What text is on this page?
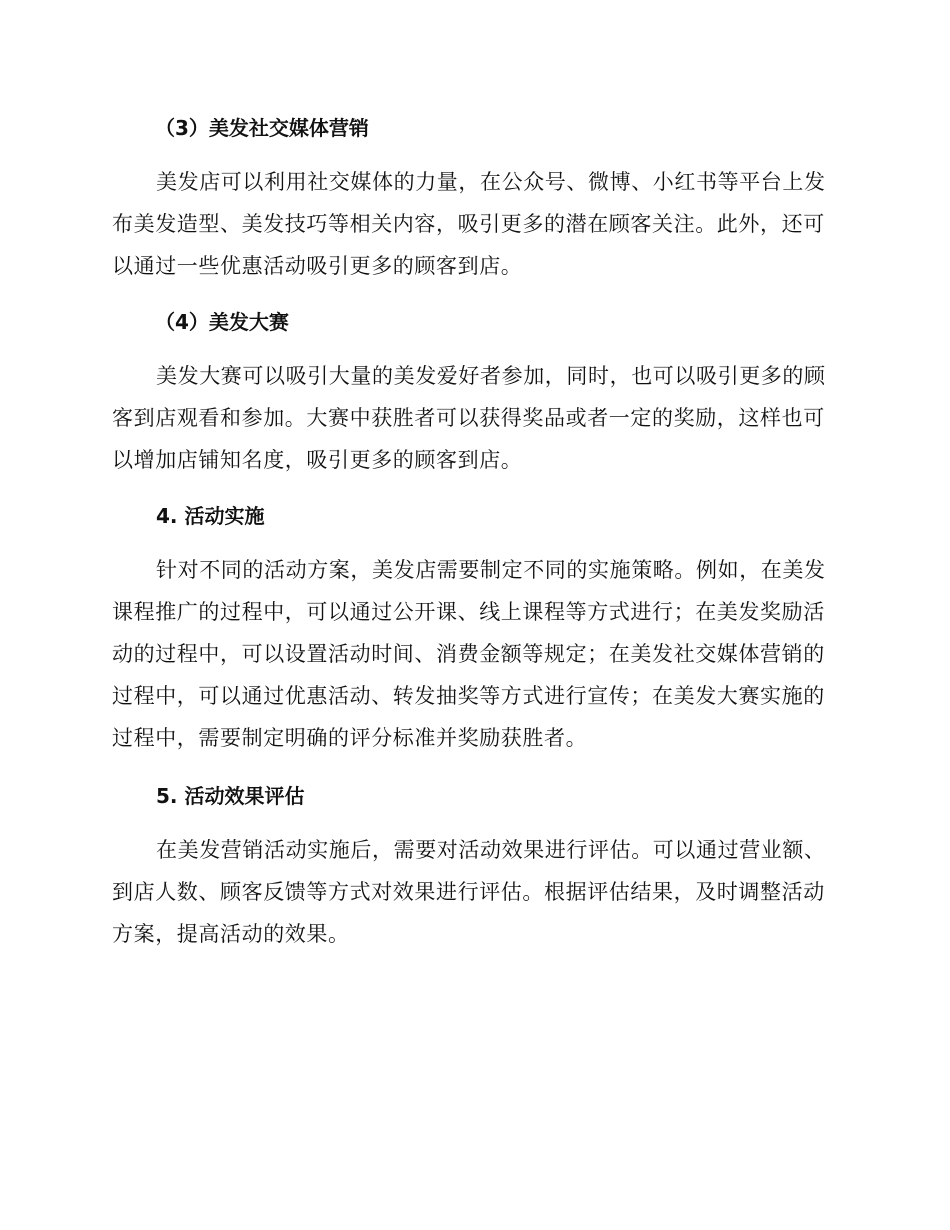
（3）美发社交媒体营销
美发店可以利用社交媒体的力量，在公众号、微博、小红书等平台上发
布美发造型、美发技巧等相关内容，吸引更多的潜在顾客关注。此外，还可
以通过一些优惠活动吸引更多的顾客到店。
（4）美发大赛
美发大赛可以吸引大量的美发爱好者参加，同时，也可以吸引更多的顾
客到店观看和参加。大赛中获胜者可以获得奖品或者一定的奖励，这样也可
以增加店铺知名度，吸引更多的顾客到店。
4. 活动实施
针对不同的活动方案，美发店需要制定不同的实施策略。例如，在美发
课程推广的过程中，可以通过公开课、线上课程等方式进行；在美发奖励活
动的过程中，可以设置活动时间、消费金额等规定；在美发社交媒体营销的
过程中，可以通过优惠活动、转发抽奖等方式进行宣传；在美发大赛实施的
过程中，需要制定明确的评分标准并奖励获胜者。
5. 活动效果评估
在美发营销活动实施后，需要对活动效果进行评估。可以通过营业额、
到店人数、顾客反馈等方式对效果进行评估。根据评估结果，及时调整活动
方案，提高活动的效果。
